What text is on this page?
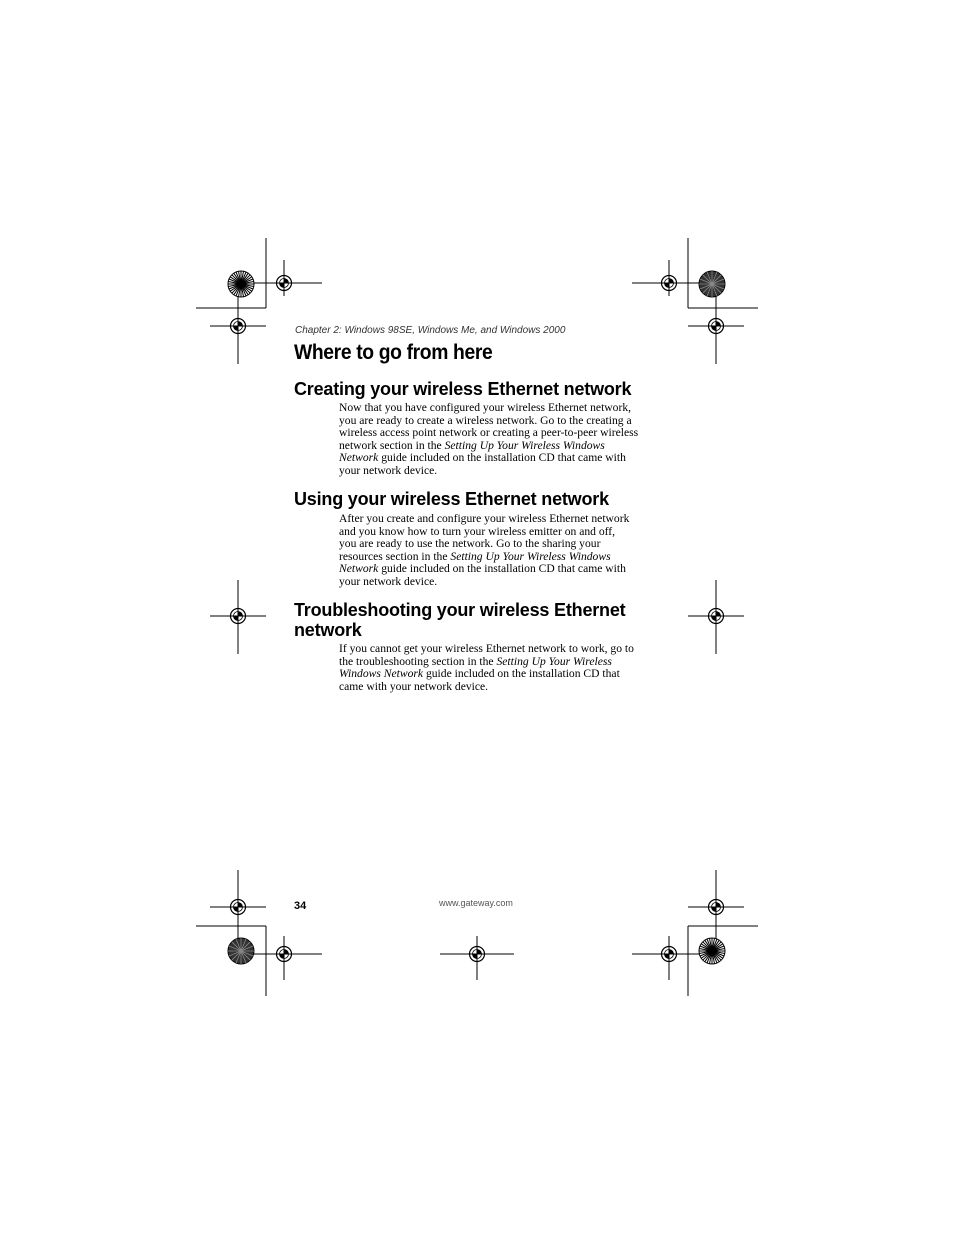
Chapter 2: Windows 98SE, Windows Me, and Windows 2000
Where to go from here
Creating your wireless Ethernet network

Now that you have configured your wireless Ethernet network,
you are ready to create a wireless network. Go to the creating a
wireless access point network or creating a peer-to-peer wireless
network section in the Setting Up Your Wireless Windows
Network guide included on the installation CD that came with
your network device.

Using your wireless Ethernet network

After you create and configure your wireless Ethernet network
and you know how to turn your wireless emitter on and off,
you are ready to use the network. Go to the sharing your
resources section in the Setting Up Your Wireless Windows
Network guide included on the installation CD that came with
your network device.

Troubleshooting your wireless Ethernet
network

If you cannot get your wireless Ethernet network to work, go to
the troubleshooting section in the Setting Up Your Wireless
Windows Network guide included on the installation CD that
came with your network device.

34	www.gateway.com
